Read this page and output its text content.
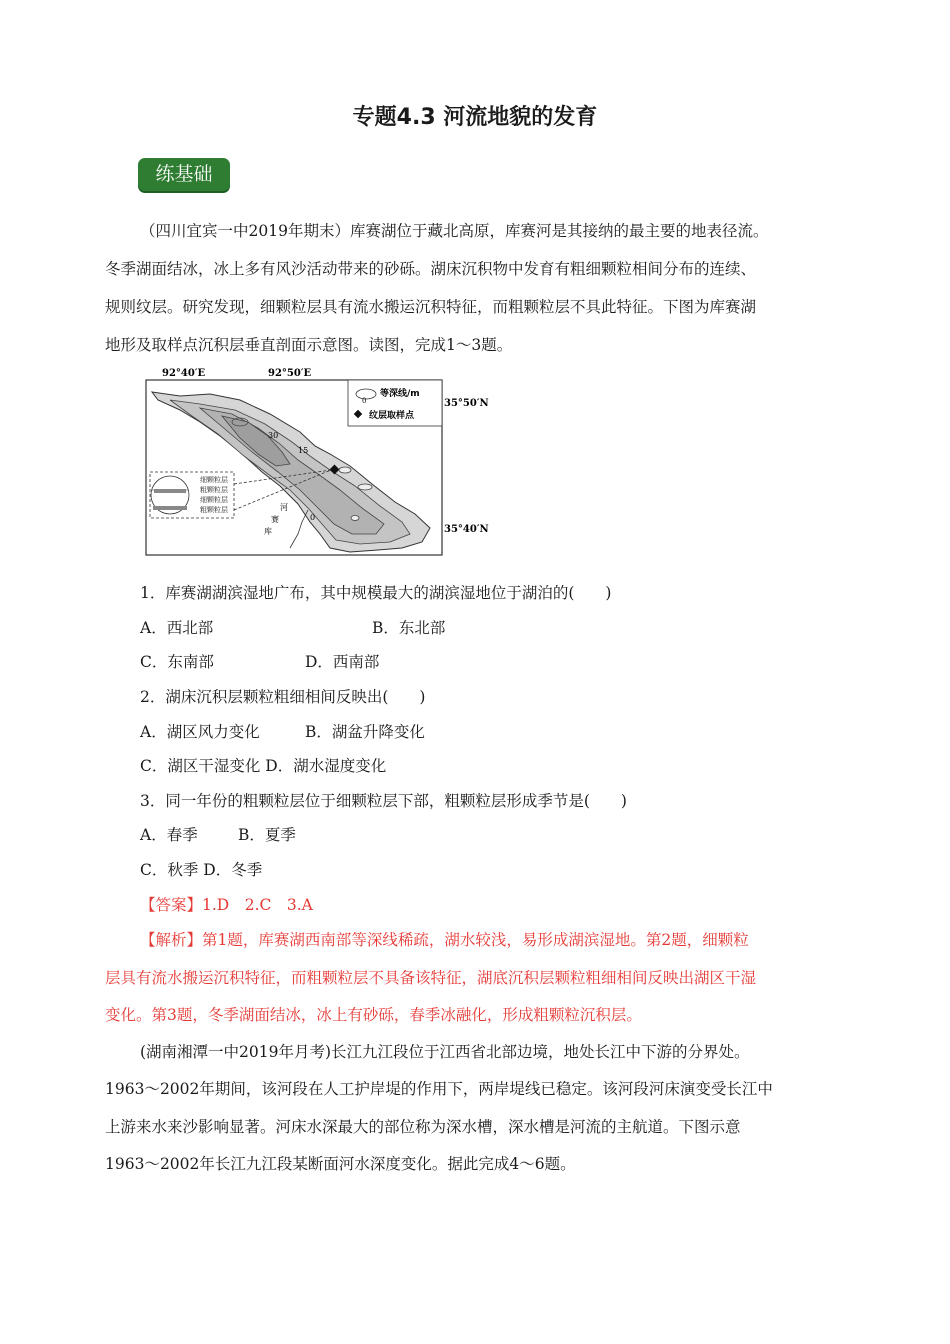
专题4.3 河流地貌的发育
练基础
（四川宜宾一中2019年期末）库赛湖位于藏北高原，库赛河是其接纳的最主要的地表径流。
冬季湖面结冰，冰上多有风沙活动带来的砂砾。湖床沉积物中发育有粗细颗粒相间分布的连续、
规则纹层。研究发现，细颗粒层具有流水搬运沉积特征，而粗颗粒层不具此特征。下图为库赛湖
地形及取样点沉积层垂直剖面示意图。读图，完成1～3题。
细颗粒层
粗颗粒层
细颗粒层
粗颗粒层	河
赛
库
30
15
0
92°40′E	92°50′E
35°50′N
35°40′N
0
等深线/m
纹层取样点
1．库赛湖湖滨湿地广布，其中规模最大的湖滨湿地位于湖泊的(　　)
A．西北部	B．东北部
C．东南部	D．西南部
2．湖床沉积层颗粒粗细相间反映出(　　)
A．湖区风力变化	B．湖盆升降变化
C．湖区干湿变化 D．湖水湿度变化
3．同一年份的粗颗粒层位于细颗粒层下部，粗颗粒层形成季节是(　　)
A．春季	B．夏季
C．秋季 D．冬季
【答案】1.D　2.C　3.A
【解析】第1题，库赛湖西南部等深线稀疏，湖水较浅，易形成湖滨湿地。第2题，细颗粒
层具有流水搬运沉积特征，而粗颗粒层不具备该特征，湖底沉积层颗粒粗细相间反映出湖区干湿
变化。第3题，冬季湖面结冰，冰上有砂砾，春季冰融化，形成粗颗粒沉积层。
(湖南湘潭一中2019年月考)长江九江段位于江西省北部边境，地处长江中下游的分界处。
1963～2002年期间，该河段在人工护岸堤的作用下，两岸堤线已稳定。该河段河床演变受长江中
上游来水来沙影响显著。河床水深最大的部位称为深水槽，深水槽是河流的主航道。下图示意
1963～2002年长江九江段某断面河水深度变化。据此完成4～6题。
